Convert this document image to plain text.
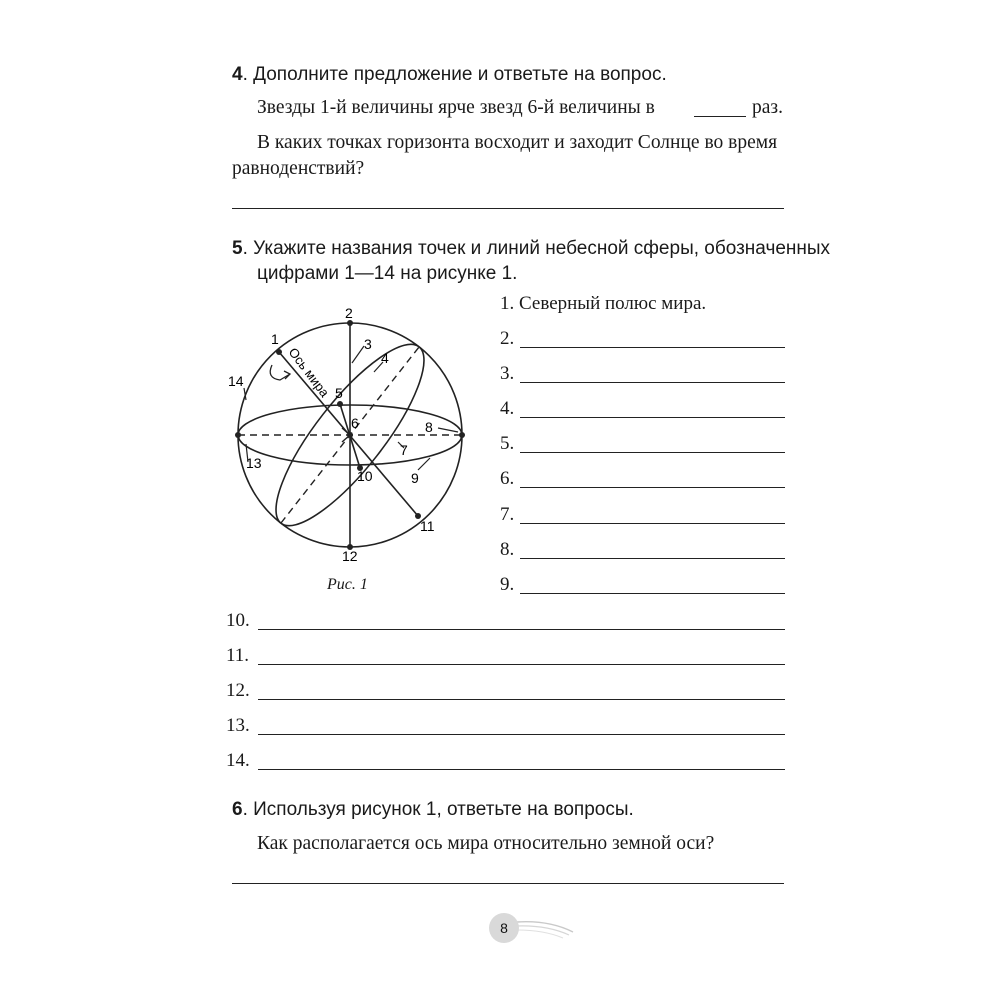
4. Дополните предложение и ответьте на вопрос.
Звезды 1-й величины ярче звезд 6-й величины в	раз.
В каких точках горизонта восходит и заходит Солнце во время
равноденствий?
5. Укажите названия точек и линий небесной сферы, обозначенных
цифрами 1—14 на рисунке 1.
Ось мира
1
2
3
4
5
6
7
8
9
10
11
12
13
14
Рис. 1
1. Северный полюс мира.
2.
3.
4.
5.
6.
7.
8.
9.
10.
11.
12.
13.
14.
6. Используя рисунок 1, ответьте на вопросы.
Как располагается ось мира относительно земной оси?
8
